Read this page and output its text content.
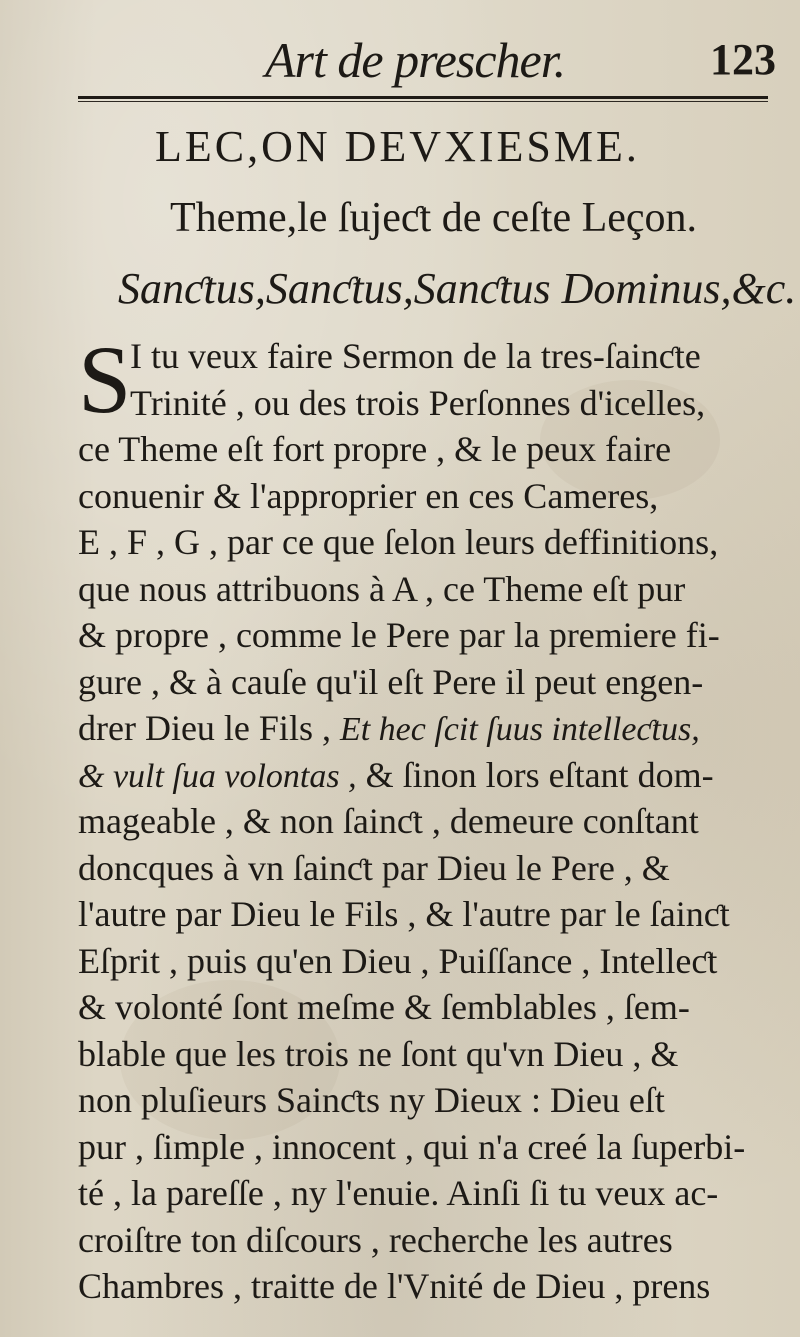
Art de prescher.	123
LEC,ON DEVXIESME.
Theme,le ſujeƈt de ceſte Leçon.
Sanƈtus,Sanƈtus,Sanƈtus Dominus,&c.
S
I tu veux faire Sermon de la tres-ſainƈte
Trinité , ou des trois Perſonnes d'icelles,
ce Theme eſt fort propre , & le peux faire
conuenir & l'approprier en ces Cameres,
E , F , G , par ce que ſelon leurs deffinitions,
que nous attribuons à A , ce Theme eſt pur
& propre , comme le Pere par la premiere fi-
gure , & à cauſe qu'il eſt Pere il peut engen-
drer Dieu le Fils , Et hec ſcit ſuus intelleƈtus,
& vult ſua volontas , & ſinon lors eſtant dom-
mageable , & non ſainƈt , demeure conſtant
doncques à vn ſainƈt par Dieu le Pere , &
l'autre par Dieu le Fils , & l'autre par le ſainƈt
Eſprit , puis qu'en Dieu , Puiſſance , Intelleƈt
& volonté ſont meſme & ſemblables , ſem-
blable que les trois ne ſont qu'vn Dieu , &
non pluſieurs Sainƈts ny Dieux : Dieu eſt
pur , ſimple , innocent , qui n'a creé la ſuperbi-
té , la pareſſe , ny l'enuie. Ainſi ſi tu veux ac-
croiſtre ton diſcours , recherche les autres
Chambres , traitte de l'Vnité de Dieu , prens
